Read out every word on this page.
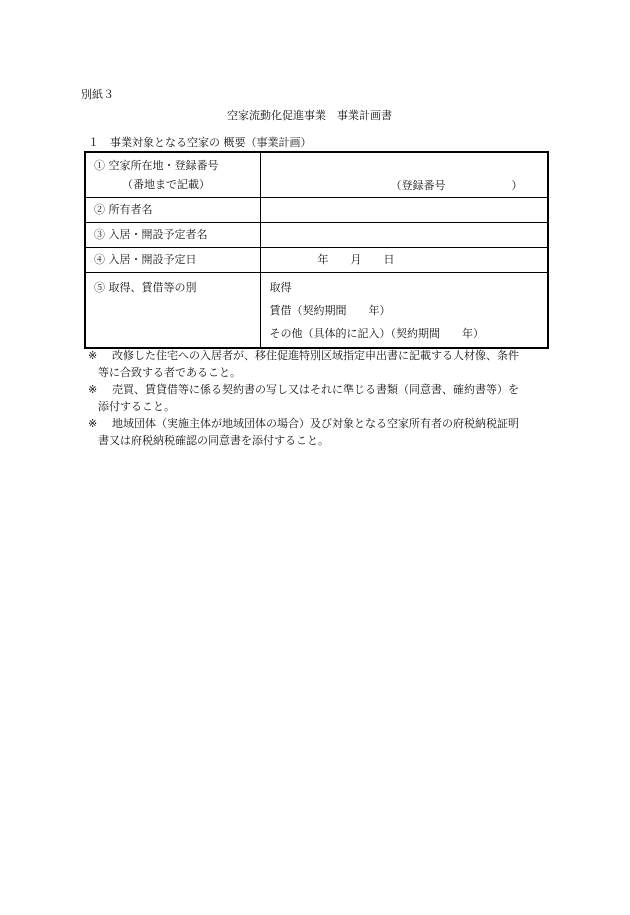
別紙３
空家流動化促進事業　事業計画書
１　事業対象となる空家の 概要（事業計画）
① 空家所在地・登録番号
（番地まで記載）	（登録番号　　　　　　）

② 所有者名	

③ 入居・開設予定者名	

④ 入居・開設予定日	年　　月　　日

⑤ 取得、賃借等の別	取得
賃借（契約期間　　年）
その他（具体的に記入）（契約期間　　年）
※ 改修した住宅への入居者が、移住促進特別区域指定申出書に記載する人材像、条件
等に合致する者であること。
※ 売買、賃貸借等に係る契約書の写し又はそれに準じる書類（同意書、確約書等）を
添付すること。
※ 地域団体（実施主体が地域団体の場合）及び対象となる空家所有者の府税納税証明
書又は府税納税確認の同意書を添付すること。
